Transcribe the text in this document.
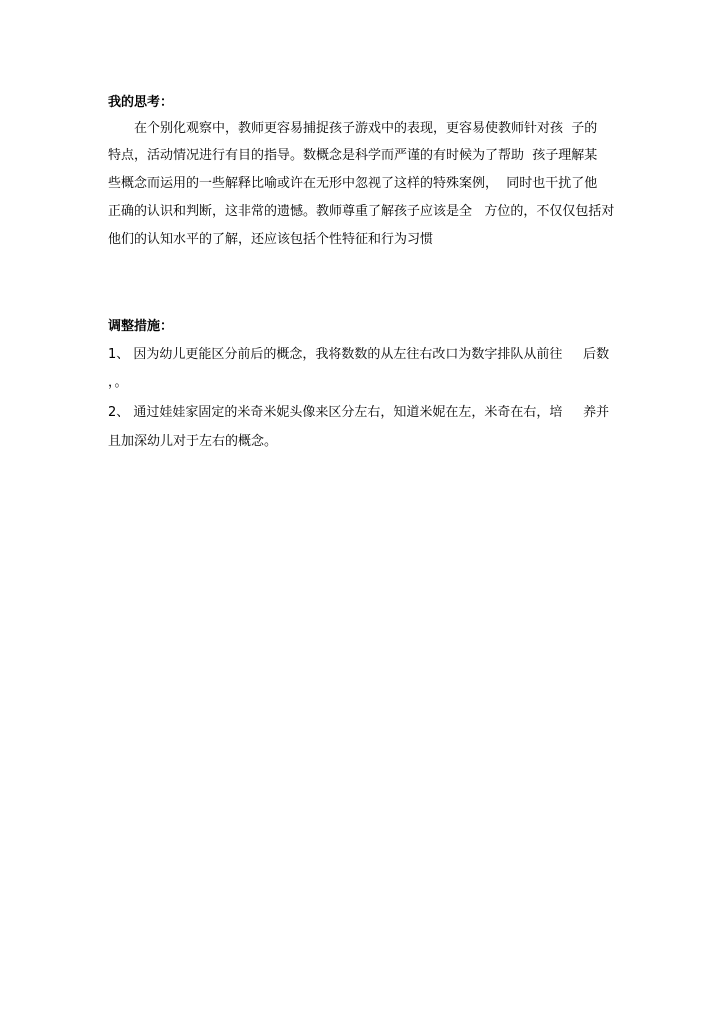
我的思考：
在个别化观察中，教师更容易捕捉孩子游戏中的表现，更容易使教师针对孩  子的
特点，活动情况进行有目的指导。数概念是科学而严谨的有时候为了帮助  孩子理解某
些概念而运用的一些解释比喻或许在无形中忽视了这样的特殊案例，  同时也干扰了他
正确的认识和判断，这非常的遗憾。教师尊重了解孩子应该是全   方位的，不仅仅包括对
他们的认知水平的了解，还应该包括个性特征和行为习惯
调整措施：
1、 因为幼儿更能区分前后的概念，我将数数的从左往右改口为数字排队从前往     后数
，。
2、 通过娃娃家固定的米奇米妮头像来区分左右，知道米妮在左，米奇在右，培     养并
且加深幼儿对于左右的概念。
